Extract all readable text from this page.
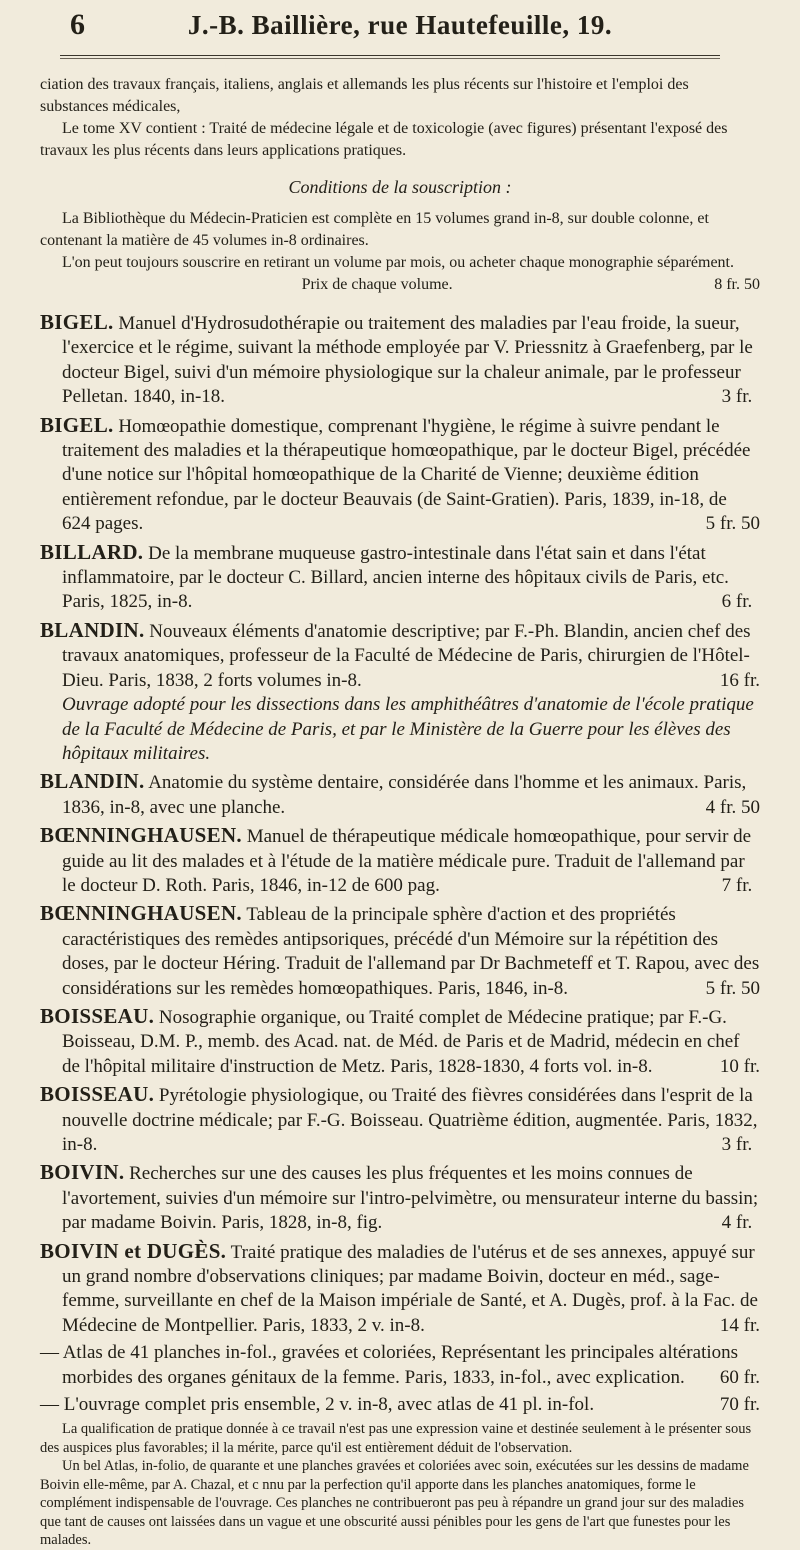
6	J.-B. Baillière, rue Hautefeuille, 19.

ciation des travaux français, italiens, anglais et allemands les plus récents sur l'histoire et l'emploi des substances médicales,

Le tome XV contient : Traité de médecine légale et de toxicologie (avec figures) présentant l'exposé des travaux les plus récents dans leurs applications pratiques.

Conditions de la souscription :

La Bibliothèque du Médecin-Praticien est complète en 15 volumes grand in-8, sur double colonne, et contenant la matière de 45 volumes in-8 ordinaires.

L'on peut toujours souscrire en retirant un volume par mois, ou acheter chaque monographie séparément.

Prix de chaque volume.	8 fr. 50
BIGEL. Manuel d'Hydrosudothérapie ou traitement des maladies par l'eau froide, la sueur, l'exercice et le régime, suivant la méthode employée par V. Priessnitz à Graefenberg, par le docteur Bigel, suivi d'un mémoire physiologique sur la chaleur animale, par le professeur Pelletan. 1840, in-18.	3 fr.
BIGEL. Homœopathie domestique, comprenant l'hygiène, le régime à suivre pendant le traitement des maladies et la thérapeutique homœopathique, par le docteur Bigel, précédée d'une notice sur l'hôpital homœopathique de la Charité de Vienne; deuxième édition entièrement refondue, par le docteur Beauvais (de Saint-Gratien). Paris, 1839, in-18, de 624 pages.	5 fr. 50
BILLARD. De la membrane muqueuse gastro-intestinale dans l'état sain et dans l'état inflammatoire, par le docteur C. Billard, ancien interne des hôpitaux civils de Paris, etc. Paris, 1825, in-8.	6 fr.
BLANDIN. Nouveaux éléments d'anatomie descriptive; par F.-Ph. Blandin, ancien chef des travaux anatomiques, professeur de la Faculté de Médecine de Paris, chirurgien de l'Hôtel-Dieu. Paris, 1838, 2 forts volumes in-8.	16 fr.
Ouvrage adopté pour les dissections dans les amphithéâtres d'anatomie de l'école pratique de la Faculté de Médecine de Paris, et par le Ministère de la Guerre pour les élèves des hôpitaux militaires.
BLANDIN. Anatomie du système dentaire, considérée dans l'homme et les animaux. Paris, 1836, in-8, avec une planche.	4 fr. 50
BŒNNINGHAUSEN. Manuel de thérapeutique médicale homœopathique, pour servir de guide au lit des malades et à l'étude de la matière médicale pure. Traduit de l'allemand par le docteur D. Roth. Paris, 1846, in-12 de 600 pag.	7 fr.
BŒNNINGHAUSEN. Tableau de la principale sphère d'action et des propriétés caractéristiques des remèdes antipsoriques, précédé d'un Mémoire sur la répétition des doses, par le docteur Héring. Traduit de l'allemand par Dr Bachmeteff et T. Rapou, avec des considérations sur les remèdes homœopathiques. Paris, 1846, in-8.	5 fr. 50
BOISSEAU. Nosographie organique, ou Traité complet de Médecine pratique; par F.-G. Boisseau, D.M. P., memb. des Acad. nat. de Méd. de Paris et de Madrid, médecin en chef de l'hôpital militaire d'instruction de Metz. Paris, 1828-1830, 4 forts vol. in-8.	10 fr.
BOISSEAU. Pyrétologie physiologique, ou Traité des fièvres considérées dans l'esprit de la nouvelle doctrine médicale; par F.-G. Boisseau. Quatrième édition, augmentée. Paris, 1832, in-8.	3 fr.
BOIVIN. Recherches sur une des causes les plus fréquentes et les moins connues de l'avortement, suivies d'un mémoire sur l'intro-pelvimètre, ou mensurateur interne du bassin; par madame Boivin. Paris, 1828, in-8, fig.	4 fr.
BOIVIN et DUGÈS. Traité pratique des maladies de l'utérus et de ses annexes, appuyé sur un grand nombre d'observations cliniques; par madame Boivin, docteur en méd., sage-femme, surveillante en chef de la Maison impériale de Santé, et A. Dugès, prof. à la Fac. de Médecine de Montpellier. Paris, 1833, 2 v. in-8.	14 fr.
— Atlas de 41 planches in-fol., gravées et coloriées, Représentant les principales altérations morbides des organes génitaux de la femme. Paris, 1833, in-fol., avec explication. 60 fr.
— L'ouvrage complet pris ensemble, 2 v. in-8, avec atlas de 41 pl. in-fol.	70 fr.

La qualification de pratique donnée à ce travail n'est pas une expression vaine et destinée seulement à le présenter sous des auspices plus favorables; il la mérite, parce qu'il est entièrement déduit de l'observation.

Un bel Atlas, in-folio, de quarante et une planches gravées et coloriées avec soin, exécutées sur les dessins de madame Boivin elle-même, par A. Chazal, et c nnu par la perfection qu'il apporte dans les planches anatomiques, forme le complément indispensable de l'ouvrage. Ces planches ne contribueront pas peu à répandre un grand jour sur des maladies que tant de causes ont laissées dans un vague et une obscurité aussi pénibles pour les gens de l'art que funestes pour les malades.
